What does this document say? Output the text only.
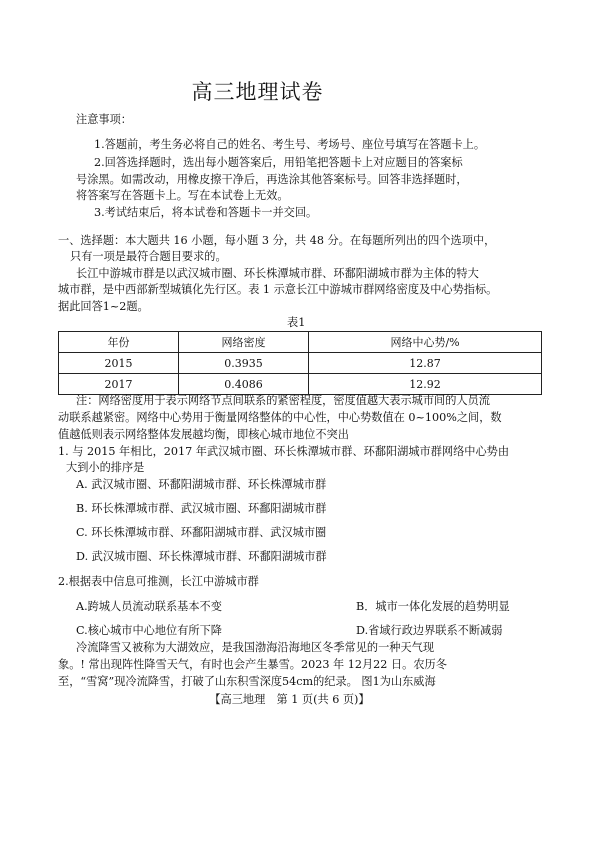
高三地理试卷
注意事项：
1.答题前，考生务必将自己的姓名、考生号、考场号、座位号填写在答题卡上。
2.回答选择题时，选出每小题答案后，用铅笔把答题卡上对应题目的答案标
号涂黑。如需改动，用橡皮擦干净后，再选涂其他答案标号。回答非选择题时，
将答案写在答题卡上。写在本试卷上无效。
3.考试结束后，将本试卷和答题卡一并交回。
一、选择题：本大题共 16 小题，每小题 3 分，共 48 分。在每题所列出的四个选项中，
只有一项是最符合题目要求的。
长江中游城市群是以武汉城市圈、环长株潭城市群、环鄱阳湖城市群为主体的特大
城市群，是中西部新型城镇化先行区。表 1 示意长江中游城市群网络密度及中心势指标。
据此回答1~2题。
表1
年份	网络密度	网络中心势/%
2015	0.3935	12.87
2017	0.4086	12.92
注：网络密度用于表示网络节点间联系的紧密程度，密度值越大表示城市间的人员流
动联系越紧密。网络中心势用于衡量网络整体的中心性，中心势数值在 0~100%之间，数
值越低则表示网络整体发展越均衡，即核心城市地位不突出
1. 与 2015 年相比，2017 年武汉城市圈、环长株潭城市群、环鄱阳湖城市群网络中心势由
大到小的排序是
A. 武汉城市圈、环鄱阳湖城市群、环长株潭城市群
B. 环长株潭城市群、武汉城市圈、环鄱阳湖城市群
C. 环长株潭城市群、环鄱阳湖城市群、武汉城市圈
D. 武汉城市圈、环长株潭城市群、环鄱阳湖城市群
2.根据表中信息可推测，长江中游城市群
A.跨城人员流动联系基本不变	B．城市一体化发展的趋势明显
C.核心城市中心地位有所下降	D.省域行政边界联系不断减弱
冷流降雪又被称为大湖效应，是我国渤海沿海地区冬季常见的一种天气现
象。! 常出现阵性降雪天气，有时也会产生暴雪。2023 年 12月22 日。农历冬
至，“雪窝”现冷流降雪，打破了山东积雪深度54cm的纪录。 图1为山东威海
【高三地理　第 1 页(共 6 页)】
